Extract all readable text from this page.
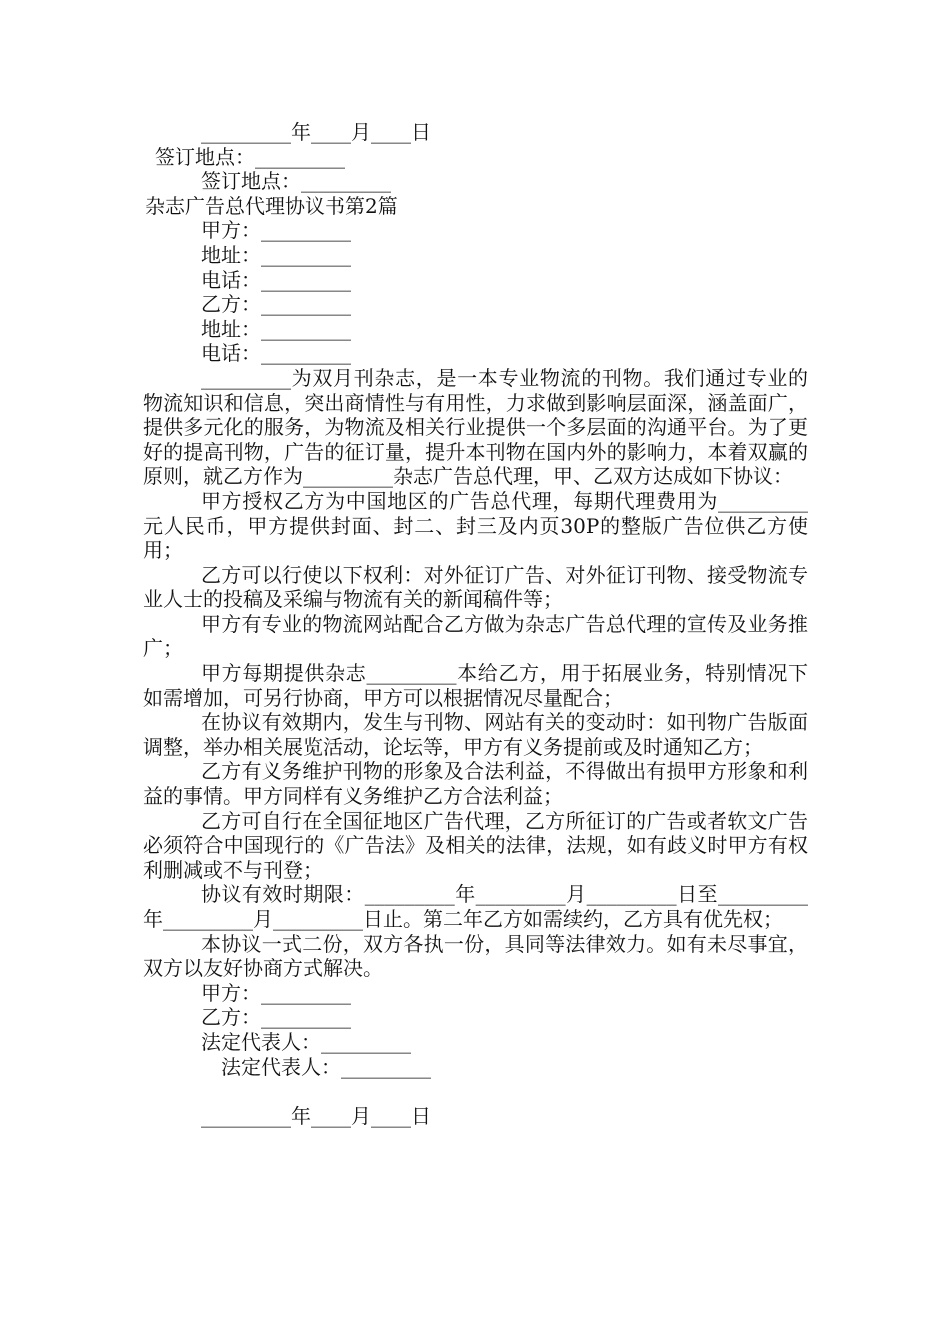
_________年____月____日
签订地点：_________
签订地点：_________
杂志广告总代理协议书第2篇
甲方：_________
地址：_________
电话：_________
乙方：_________
地址：_________
电话：_________
_________为双月刊杂志，是一本专业物流的刊物。我们通过专业的物流知识和信息，突出商情性与有用性，力求做到影响层面深，涵盖面广，提供多元化的服务，为物流及相关行业提供一个多层面的沟通平台。为了更好的提高刊物，广告的征订量，提升本刊物在国内外的影响力，本着双赢的原则，就乙方作为_________杂志广告总代理，甲、乙双方达成如下协议：
甲方授权乙方为中国地区的广告总代理，每期代理费用为_________元人民币，甲方提供封面、封二、封三及内页30P的整版广告位供乙方使用；
乙方可以行使以下权利：对外征订广告、对外征订刊物、接受物流专业人士的投稿及采编与物流有关的新闻稿件等；
甲方有专业的物流网站配合乙方做为杂志广告总代理的宣传及业务推广；
甲方每期提供杂志_________本给乙方，用于拓展业务，特别情况下如需增加，可另行协商，甲方可以根据情况尽量配合；
在协议有效期内，发生与刊物、网站有关的变动时：如刊物广告版面调整，举办相关展览活动，论坛等，甲方有义务提前或及时通知乙方；
乙方有义务维护刊物的形象及合法利益，不得做出有损甲方形象和利益的事情。甲方同样有义务维护乙方合法利益；
乙方可自行在全国征地区广告代理，乙方所征订的广告或者软文广告必须符合中国现行的《广告法》及相关的法律，法规，如有歧义时甲方有权利删减或不与刊登；
协议有效时期限：_________年_________月_________日至_________年_________月_________日止。第二年乙方如需续约，乙方具有优先权；
本协议一式二份，双方各执一份，具同等法律效力。如有未尽事宜，双方以友好协商方式解决。
甲方：_________
乙方：_________
法定代表人：_________
法定代表人：_________
_________年____月____日
